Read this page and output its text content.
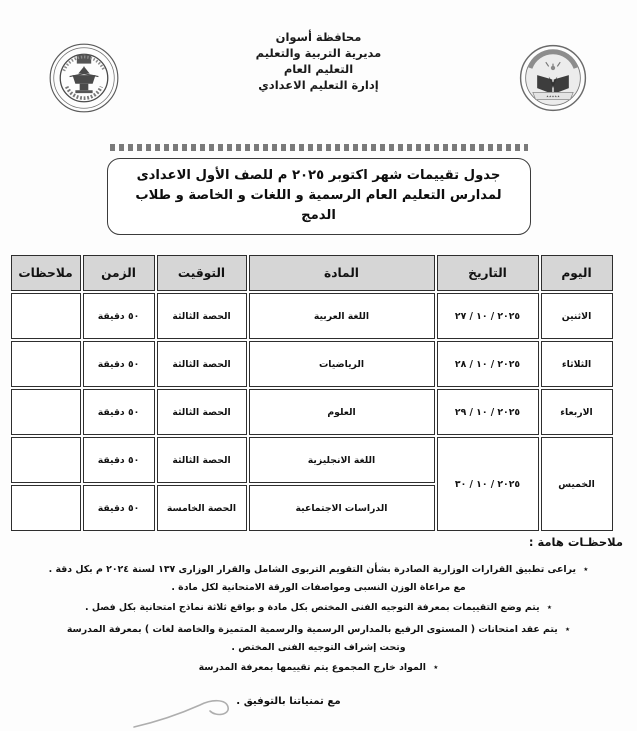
محافظة أسوان
مديرية التربية والتعليم
التعليم العام
إدارة التعليم الاعدادي
٭٭٭٭٭
جدول تقييمات شهر اكتوبر ٢٠٢٥ م للصف الأول الاعدادى
لمدارس التعليم العام الرسمية و اللغات و الخاصة و طلاب الدمج
اليوم	التاريخ	المادة	التوقيت	الزمن	ملاحظات
الاثنين	٢٠٢٥ / ١٠ / ٢٧	اللغة العربية	الحصة الثالثة	٥٠ دقيقة	
الثلاثاء	٢٠٢٥ / ١٠ / ٢٨	الرياضيات	الحصة الثالثة	٥٠ دقيقة	
الاربعاء	٢٠٢٥ / ١٠ / ٢٩	العلوم	الحصة الثالثة	٥٠ دقيقة	
الخميس	٢٠٢٥ / ١٠ / ٣٠	اللغة الانجليزية	الحصة الثالثة	٥٠ دقيقة	
		الدراسات الاجتماعية	الحصة الخامسة	٥٠ دقيقة	
ملاحظـات هامة :
٭ يراعى تطبيق القرارات الوزارية الصادرة بشأن التقويم التربوى الشامل والقرار الوزارى ١٣٧ لسنة ٢٠٢٤ م بكل دقة .
مع مراعاة الوزن النسبى ومواصفات الورقة الامتحانية لكل مادة .
٭ يتم وضع التقييمات بمعرفة التوجيه الفنى المختص بكل مادة و بواقع ثلاثة نماذج امتحانية بكل فصل .
٭ يتم عقد امتحانات ( المستوى الرفيع بالمدارس الرسمية والرسمية المتميزة والخاصة لغات ) بمعرفة المدرسة
وتحت إشراف التوجيه الفنى المختص .
٭ المواد خارج المجموع يتم تقييمها بمعرفة المدرسة
مع تمنياتنا بالتوفيق .
